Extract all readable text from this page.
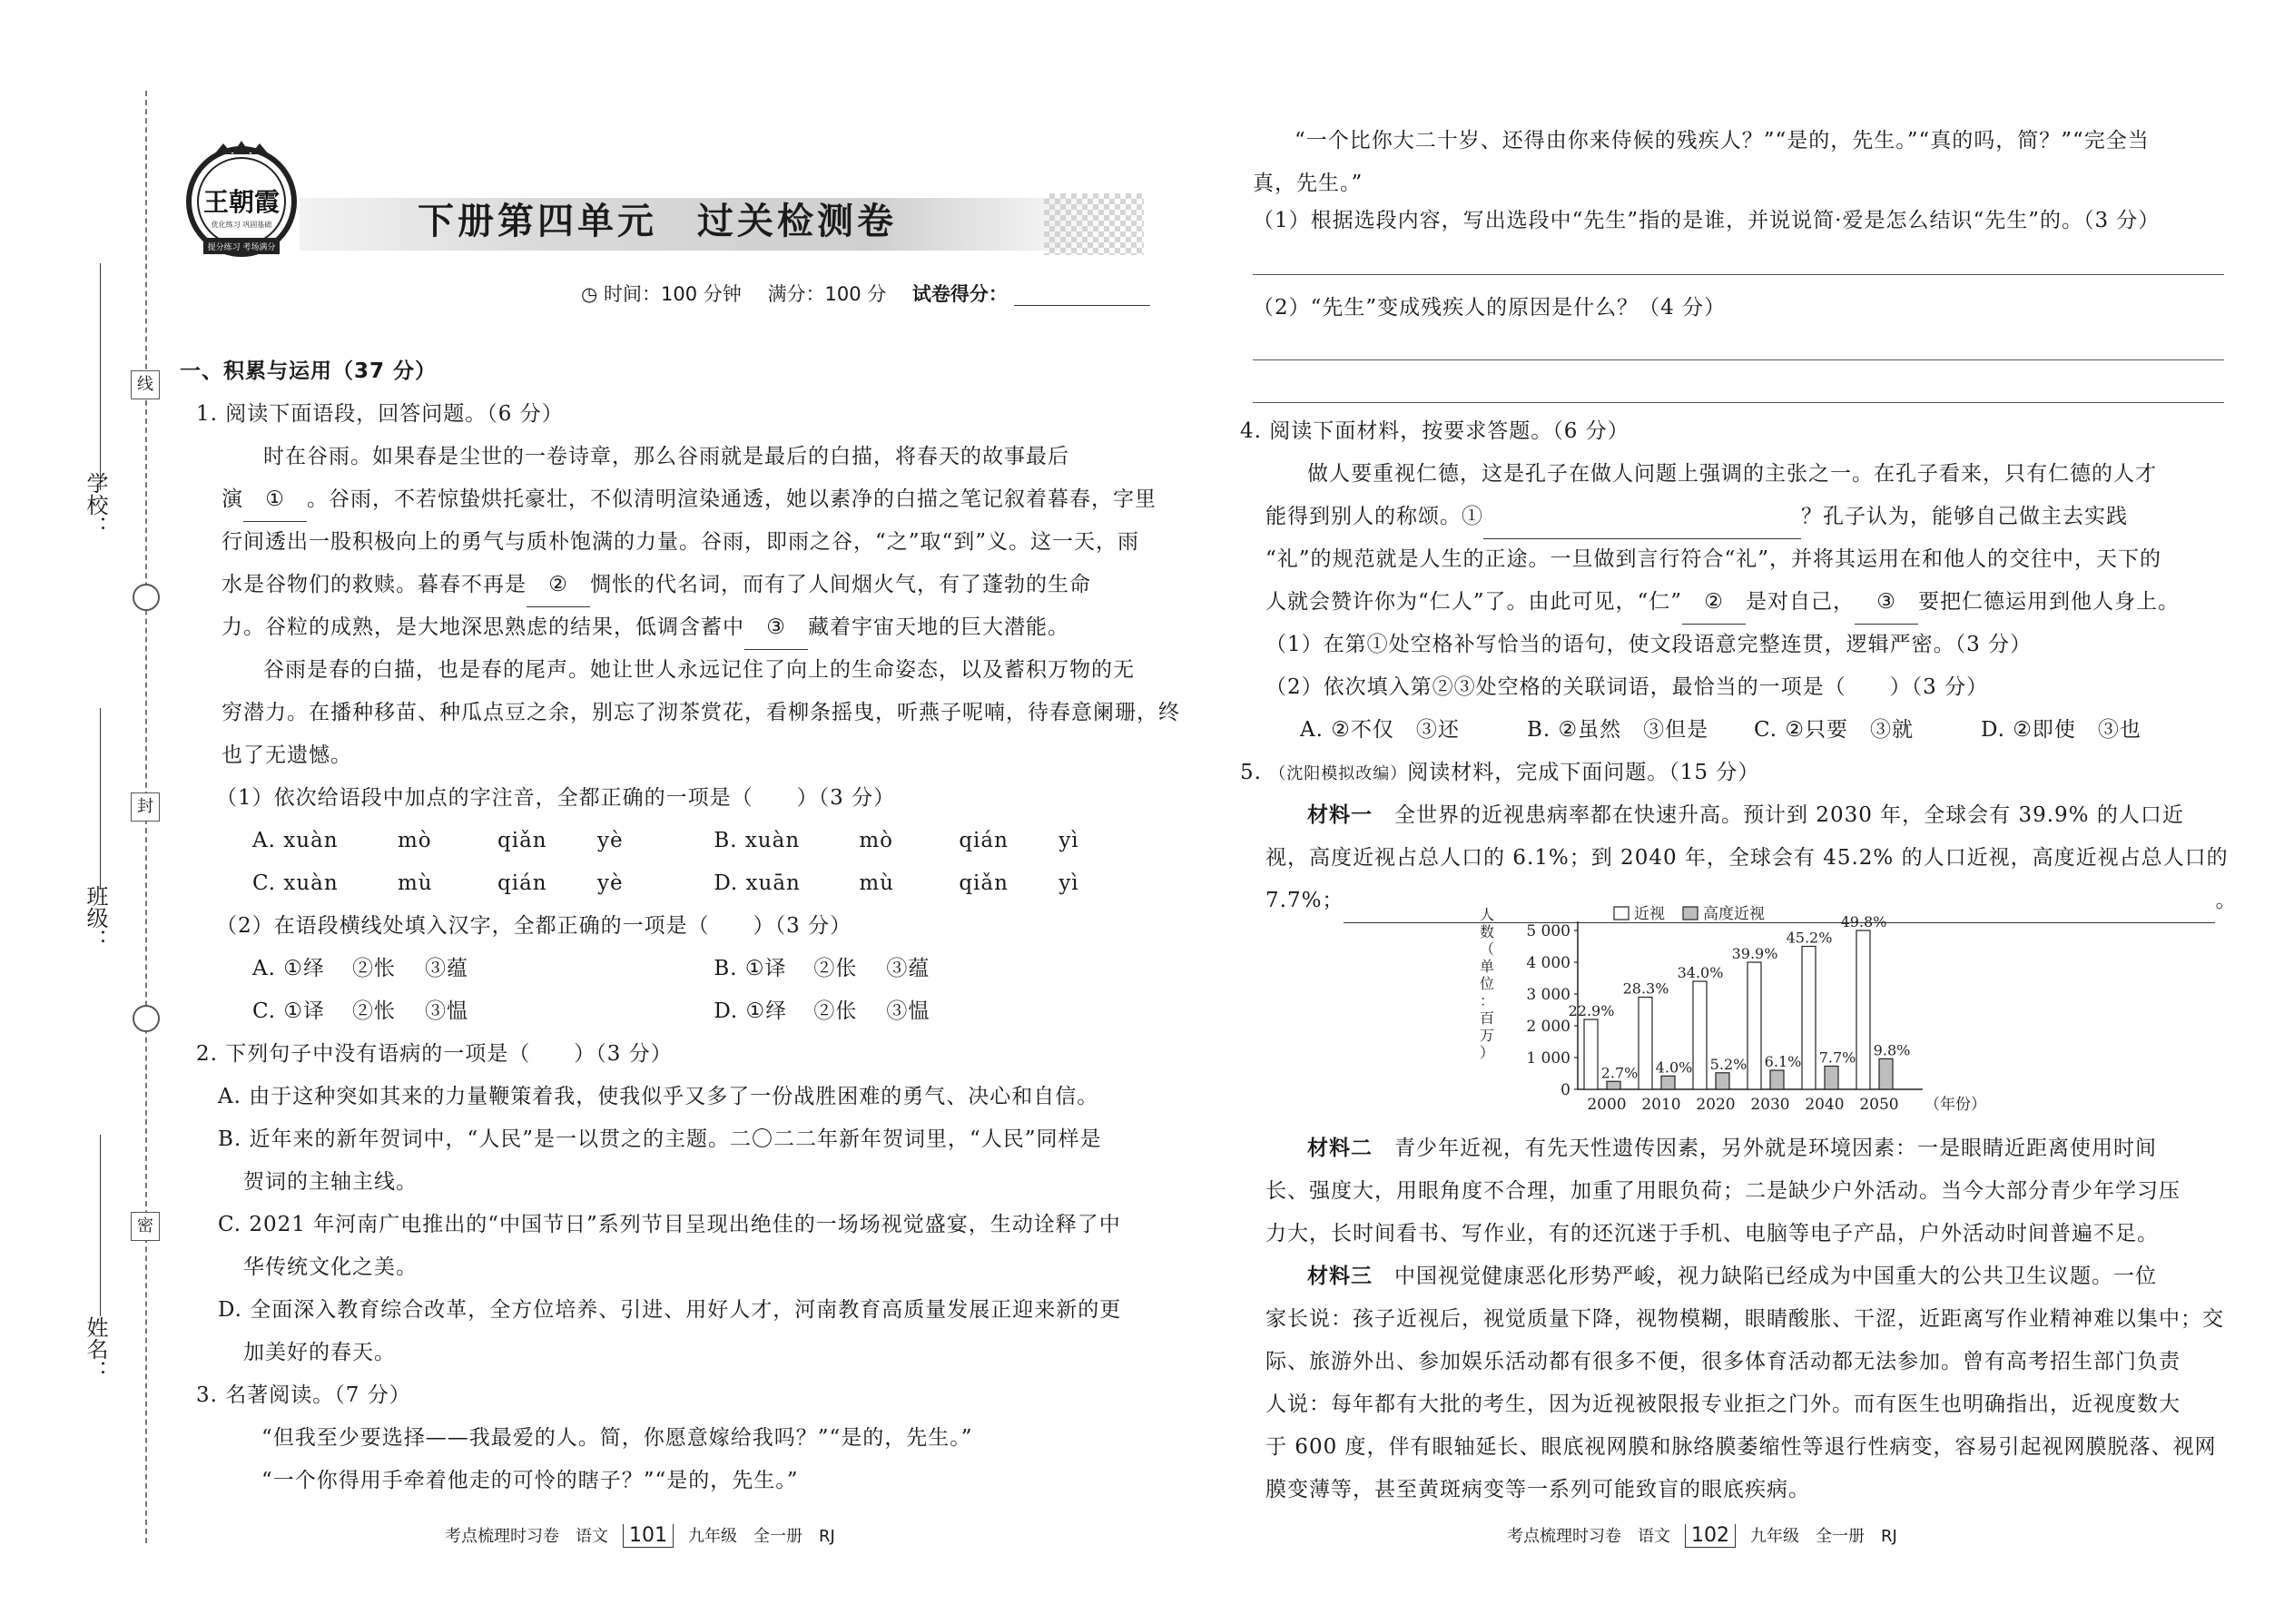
线
封
密
学校：
班级：
姓名：
王朝霞
优化练习 巩固基础
提分练习 考场满分
下册第四单元　过关检测卷
◷ 时间：100 分钟 满分：100 分 试卷得分：
一、积累与运用（37 分）
1. 阅读下面语段，回答问题。（6 分）
时在谷雨。如果春是尘世的一卷诗章，那么谷雨就是最后的白描，将春天的故事最后
演 ① 。谷雨，不若惊蛰烘托豪壮，不似清明渲染通透，她以素净的白描之笔记叙着暮春，字里
行间透出一股积极向上的勇气与质朴饱满的力量。谷雨，即雨之谷，“之”取“到”义。这一天，雨
水是谷物们的救赎。暮春不再是 ② 惆怅的代名词，而有了人间烟火气，有了蓬勃的生命
力。谷粒的成熟，是大地深思熟虑的结果，低调含蓄中 ③ 藏着宇宙天地的巨大潜能。
谷雨是春的白描，也是春的尾声。她让世人永远记住了向上的生命姿态，以及蓄积万物的无
穷潜力。在播种移苗、种瓜点豆之余，别忘了沏茶赏花，看柳条摇曳，听燕子呢喃，待春意阑珊，终
也了无遗憾。
（1）依次给语段中加点的字注音，全都正确的一项是（　　）（3 分）
A. xuàn	mò	qiǎn yè	B. xuàn	mò	qián yì
C. xuàn	mù	qián yè	D. xuān	mù	qiǎn yì
（2）在语段横线处填入汉字，全都正确的一项是（　　）（3 分）
A. ①绎 ②怅 ③蕴	B. ①译 ②伥 ③蕴
C. ①译 ②怅 ③愠	D. ①绎 ②伥 ③愠
2. 下列句子中没有语病的一项是（　　）（3 分）
A. 由于这种突如其来的力量鞭策着我，使我似乎又多了一份战胜困难的勇气、决心和自信。
B. 近年来的新年贺词中，“人民”是一以贯之的主题。二〇二二年新年贺词里，“人民”同样是
贺词的主轴主线。
C. 2021 年河南广电推出的“中国节日”系列节目呈现出绝佳的一场场视觉盛宴，生动诠释了中
华传统文化之美。
D. 全面深入教育综合改革，全方位培养、引进、用好人才，河南教育高质量发展正迎来新的更
加美好的春天。
3. 名著阅读。（7 分）
“但我至少要选择——我最爱的人。简，你愿意嫁给我吗？”“是的，先生。”
“一个你得用手牵着他走的可怜的瞎子？”“是的，先生。”
考点梳理时习卷　语文 101 九年级　全一册　RJ
“一个比你大二十岁、还得由你来侍候的残疾人？”“是的，先生。”“真的吗，简？”“完全当
真，先生。”
（1）根据选段内容，写出选段中“先生”指的是谁，并说说简·爱是怎么结识“先生”的。（3 分）
（2）“先生”变成残疾人的原因是什么？（4 分）
4. 阅读下面材料，按要求答题。（6 分）
做人要重视仁德，这是孔子在做人问题上强调的主张之一。在孔子看来，只有仁德的人才
能得到别人的称颂。①	？孔子认为，能够自己做主去实践
“礼”的规范就是人生的正途。一旦做到言行符合“礼”，并将其运用在和他人的交往中，天下的
人就会赞许你为“仁人”了。由此可见，“仁” ② 是对自己， ③ 要把仁德运用到他人身上。
（1）在第①处空格补写恰当的语句，使文段语意完整连贯，逻辑严密。（3 分）
（2）依次填入第②③处空格的关联词语，最恰当的一项是（　　）（3 分）
A. ②不仅　③还	B. ②虽然　③但是 C. ②只要　③就	D. ②即使　③也
5. （沈阳模拟改编）阅读材料，完成下面问题。（15 分）
材料一　 全世界的近视患病率都在快速升高。预计到 2030 年，全球会有 39.9% 的人口近
视，高度近视占总人口的 6.1%；到 2040 年，全球会有 45.2% 的人口近视，高度近视占总人口的
7.7%；	。
人
数
（
单
位
：
百
万
）
0
1 000
2 000
3 000
4 000
5 000
2000 2010 2020 2030 2040 2050 （年份）
22.9%
2.7%
28.3%
4.0%
34.0%
5.2%
39.9%
6.1%
45.2%
7.7%
49.8%
9.8%
近视 高度近视
材料二　 青少年近视，有先天性遗传因素，另外就是环境因素：一是眼睛近距离使用时间
长、强度大，用眼角度不合理，加重了用眼负荷；二是缺少户外活动。当今大部分青少年学习压
力大，长时间看书、写作业，有的还沉迷于手机、电脑等电子产品，户外活动时间普遍不足。
材料三　 中国视觉健康恶化形势严峻，视力缺陷已经成为中国重大的公共卫生议题。一位
家长说：孩子近视后，视觉质量下降，视物模糊，眼睛酸胀、干涩，近距离写作业精神难以集中；交
际、旅游外出、参加娱乐活动都有很多不便，很多体育活动都无法参加。曾有高考招生部门负责
人说：每年都有大批的考生，因为近视被限报专业拒之门外。而有医生也明确指出，近视度数大
于 600 度，伴有眼轴延长、眼底视网膜和脉络膜萎缩性等退行性病变，容易引起视网膜脱落、视网
膜变薄等，甚至黄斑病变等一系列可能致盲的眼底疾病。
考点梳理时习卷　语文 102 九年级　全一册　RJ
